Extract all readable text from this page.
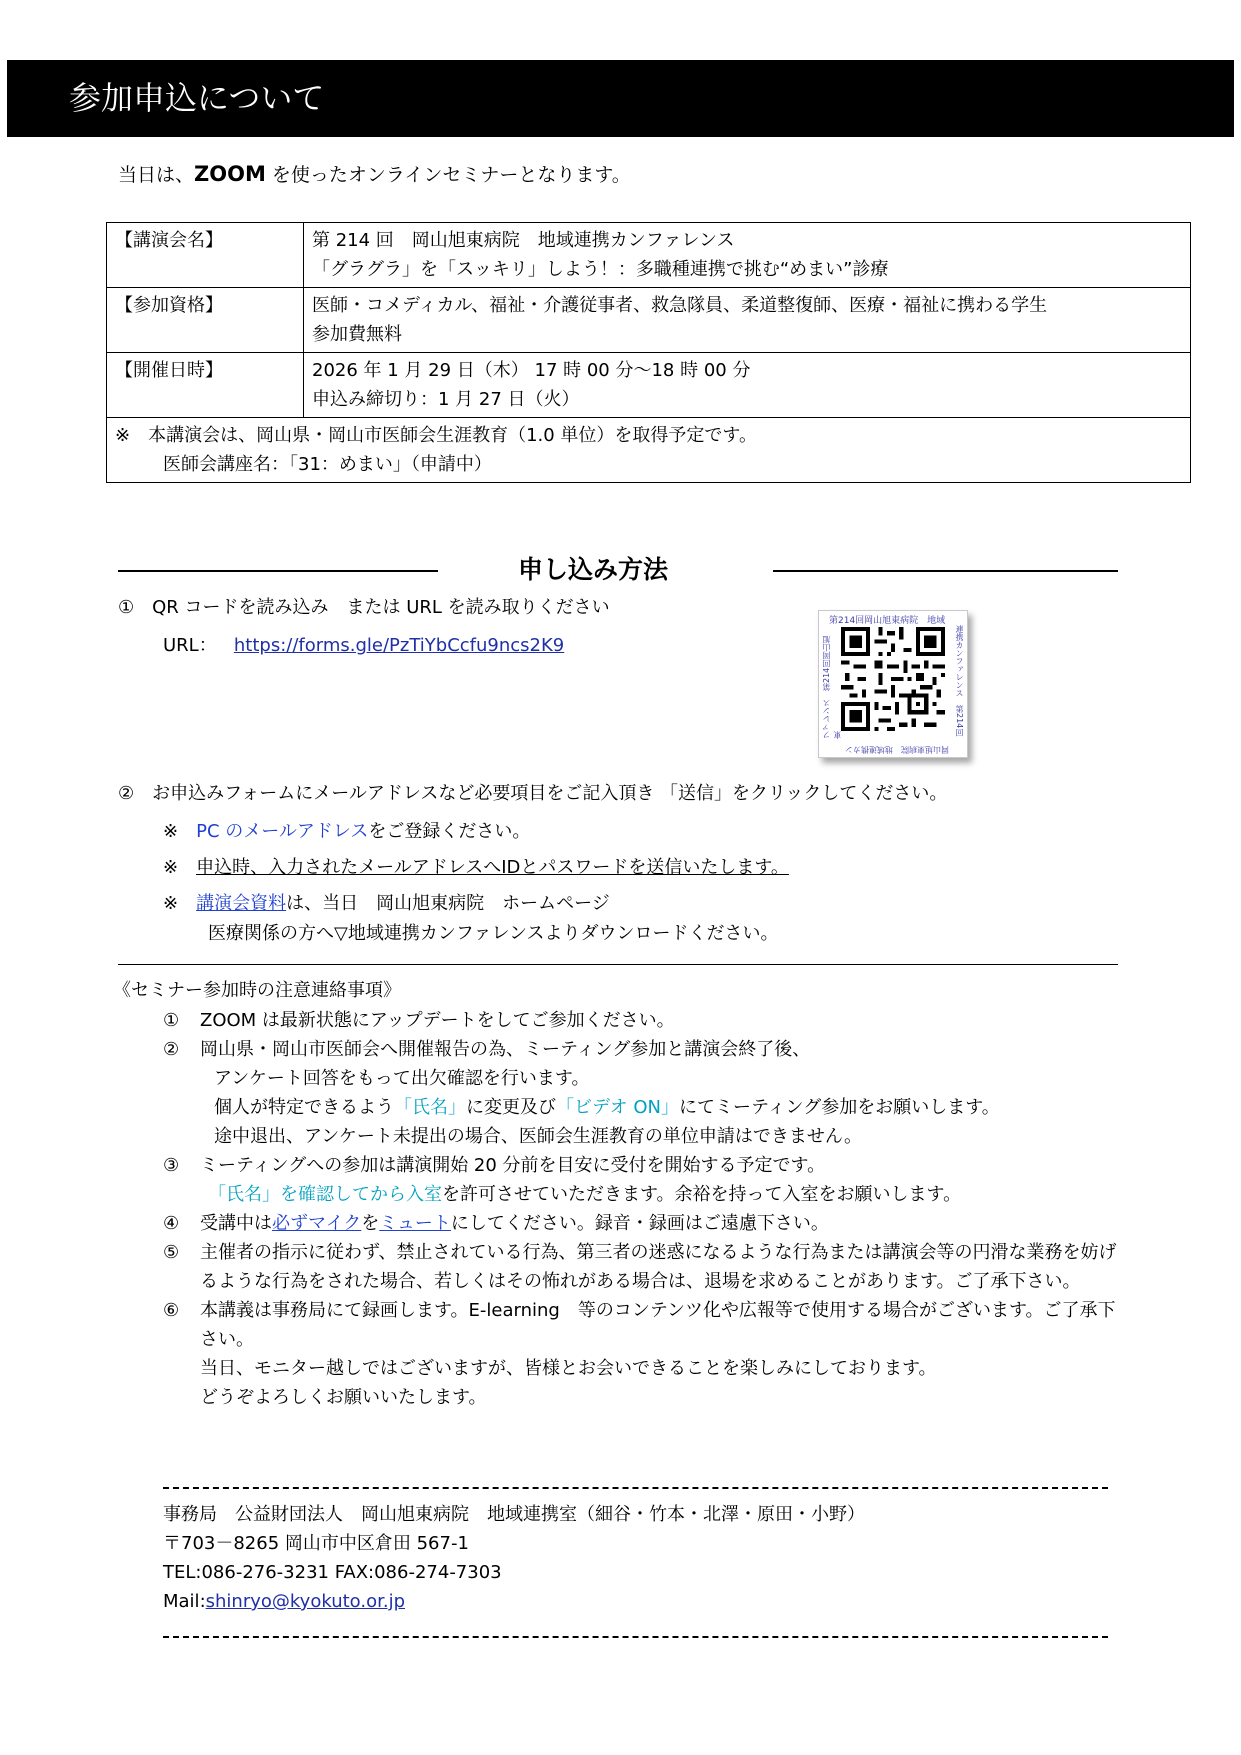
参加申込について
当日は、ZOOM を使ったオンラインセミナーとなります。
【講演会名】	第 214 回　岡山旭東病院　地域連携カンファレンス
「グラグラ」を「スッキリ」しよう！：多職種連携で挑む“めまい”診療

【参加資格】	医師・コメディカル、福祉・介護従事者、救急隊員、柔道整復師、医療・福祉に携わる学生
参加費無料

【開催日時】	2026 年 1 月 29 日（木） 17 時 00 分～18 時 00 分
申込み締切り：1 月 27 日（火）

※　本講演会は、岡山県・岡山市医師会生涯教育（1.0 単位）を取得予定です。
医師会講座名：「31：めまい」（申請中）	
申し込み方法
①　QR コードを読み込み　または URL を読み取りください
URL： https://forms.gle/PzTiYbCcfu9ncs2K9
第214回岡山旭東病院　地域
ファレンス　第214回岡山旭東	連携カンファレンス　第214回
岡山旭東病院　地域連携カン
②　お申込みフォームにメールアドレスなど必要項目をご記入頂き 「送信」をクリックしてください。
※　PC のメールアドレスをご登録ください。
※　申込時、入力されたメールアドレスへIDとパスワードを送信いたします。
※　講演会資料は、当日　岡山旭東病院　ホームページ
医療関係の方へ▽地域連携カンファレンスよりダウンロードください。
《セミナー参加時の注意連絡事項》
①	ZOOM は最新状態にアップデートをしてご参加ください。
②	岡山県・岡山市医師会へ開催報告の為、ミーティング参加と講演会終了後、
アンケート回答をもって出欠確認を行います。
個人が特定できるよう「氏名」に変更及び「ビデオ ON」にてミーティング参加をお願いします。
途中退出、アンケート未提出の場合、医師会生涯教育の単位申請はできません。
③	ミーティングへの参加は講演開始 20 分前を目安に受付を開始する予定です。
「氏名」を確認してから入室を許可させていただきます。余裕を持って入室をお願いします。
④	受講中は必ずマイクをミュートにしてください。録音・録画はご遠慮下さい。
⑤	主催者の指示に従わず、禁止されている行為、第三者の迷惑になるような行為または講演会等の円滑な業務を妨げるような行為をされた場合、若しくはその怖れがある場合は、退場を求めることがあります。ご了承下さい。
⑥	本講義は事務局にて録画します。E-learning　等のコンテンツ化や広報等で使用する場合がございます。ご了承下さい。
当日、モニター越しではございますが、皆様とお会いできることを楽しみにしております。
どうぞよろしくお願いいたします。
事務局　公益財団法人　岡山旭東病院　地域連携室（細谷・竹本・北澤・原田・小野）
〒703－8265 岡山市中区倉田 567-1
TEL:086-276-3231 FAX:086-274-7303
Mail:shinryo@kyokuto.or.jp
